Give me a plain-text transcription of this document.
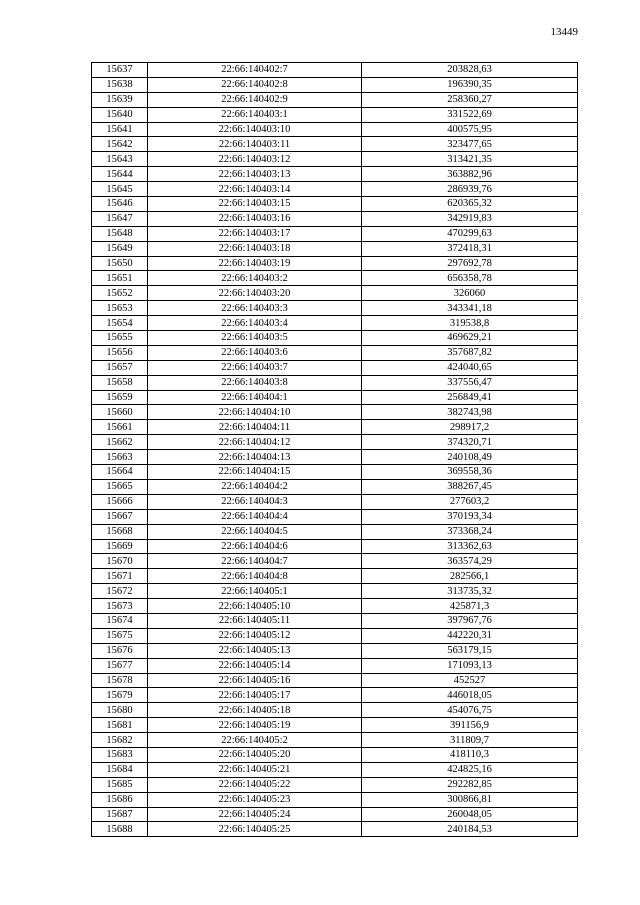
13449
15637	22:66:140402:7	203828,63
15638	22:66:140402:8	196390,35
15639	22:66:140402:9	258360,27
15640	22:66:140403:1	331522,69
15641	22:66:140403:10	400575,95
15642	22:66:140403:11	323477,65
15643	22:66:140403:12	313421,35
15644	22:66:140403:13	363882,96
15645	22:66:140403:14	286939,76
15646	22:66:140403:15	620365,32
15647	22:66:140403:16	342919,83
15648	22:66:140403:17	470299,63
15649	22:66:140403:18	372418,31
15650	22:66:140403:19	297692,78
15651	22:66:140403:2	656358,78
15652	22:66:140403:20	326060
15653	22:66:140403:3	343341,18
15654	22:66:140403:4	319538,8
15655	22:66:140403:5	469629,21
15656	22:66:140403:6	357687,82
15657	22:66:140403:7	424040,65
15658	22:66:140403:8	337556,47
15659	22:66:140404:1	256849,41
15660	22:66:140404:10	382743,98
15661	22:66:140404:11	298917,2
15662	22:66:140404:12	374320,71
15663	22:66:140404:13	240108,49
15664	22:66:140404:15	369558,36
15665	22:66:140404:2	388267,45
15666	22:66:140404:3	277603,2
15667	22:66:140404:4	370193,34
15668	22:66:140404:5	373368,24
15669	22:66:140404:6	313362,63
15670	22:66:140404:7	363574,29
15671	22:66:140404:8	282566,1
15672	22:66:140405:1	313735,32
15673	22:66:140405:10	425871,3
15674	22:66:140405:11	397967,76
15675	22:66:140405:12	442220,31
15676	22:66:140405:13	563179,15
15677	22:66:140405:14	171093,13
15678	22:66:140405:16	452527
15679	22:66:140405:17	446018,05
15680	22:66:140405:18	454076,75
15681	22:66:140405:19	391156,9
15682	22:66:140405:2	311809,7
15683	22:66:140405:20	418110,3
15684	22:66:140405:21	424825,16
15685	22:66:140405:22	292282,85
15686	22:66:140405:23	300866,81
15687	22:66:140405:24	260048,05
15688	22:66:140405:25	240184,53
